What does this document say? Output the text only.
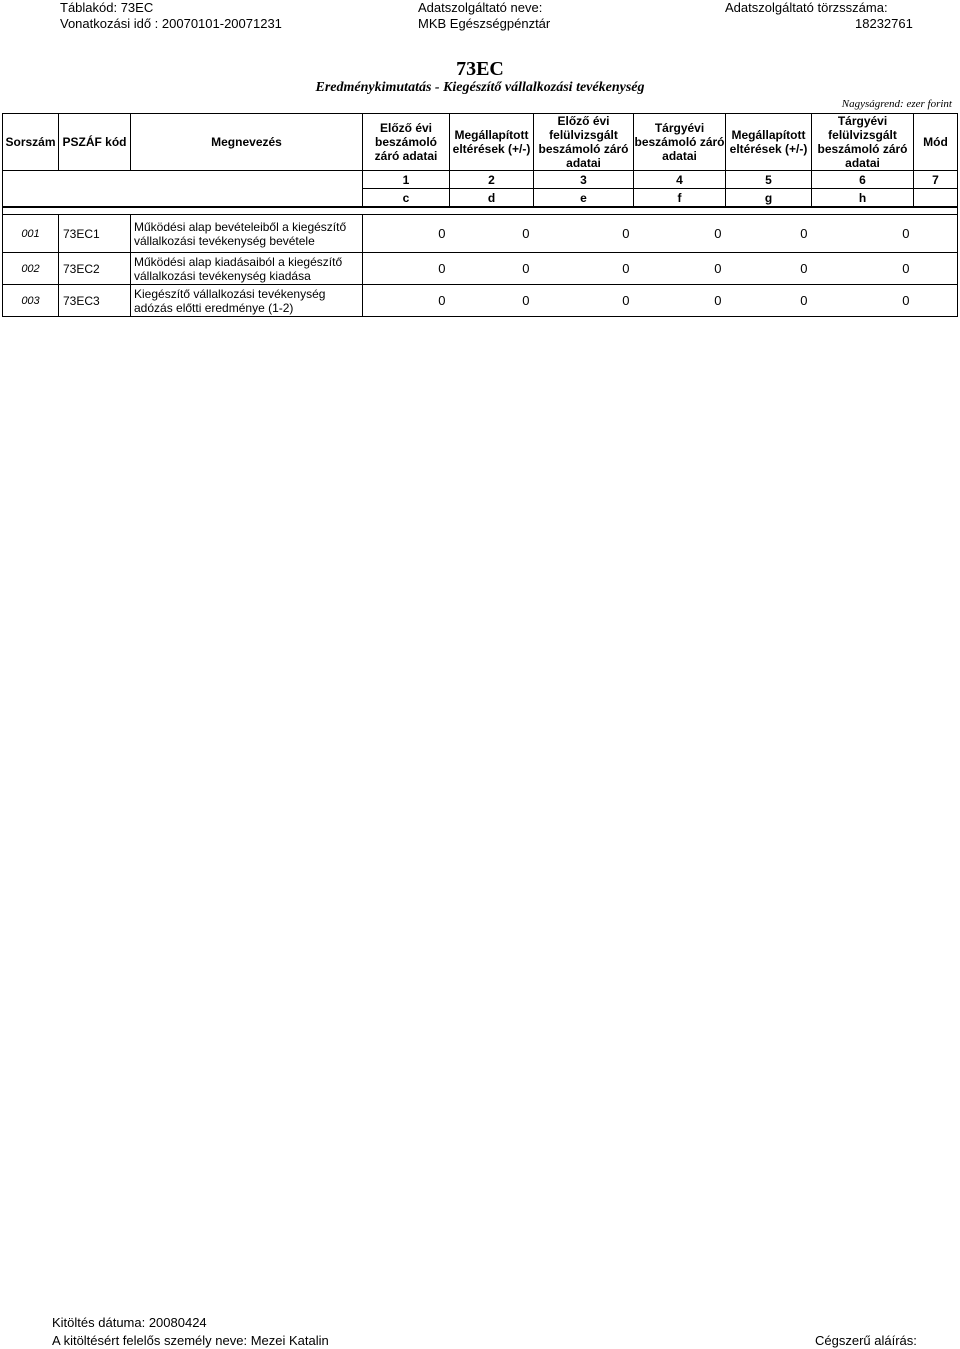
Táblakód: 73EC
Vonatkozási idő : 20070101-20071231
Adatszolgáltató neve:
MKB Egészségpénztár
Adatszolgáltató törzsszáma:
18232761
73EC
Eredménykimutatás - Kiegészítő vállalkozási tevékenység
Nagyságrend: ezer forint
Sorszám	PSZÁF kód	Megnevezés	Előző évi beszámoló záró adatai	Megállapított eltérések (+/-)	Előző évi felülvizsgált beszámoló záró adatai	Tárgyévi beszámoló záró adatai	Megállapított eltérések (+/-)	Tárgyévi felülvizsgált beszámoló záró adatai	Mód
			1	2	3	4	5	6	7
			c	d	e	f	g	h	

001	73EC1	Működési alap bevételeiből a kiegészítő vállalkozási tevékenység bevétele	0	0	0	0	0	0	
002	73EC2	Működési alap kiadásaiból a kiegészítő vállalkozási tevékenység kiadása	0	0	0	0	0	0	
003	73EC3	Kiegészítő vállalkozási tevékenység adózás előtti eredménye (1-2)	0	0	0	0	0	0	
Kitöltés dátuma: 20080424
A kitöltésért felelős személy neve: Mezei Katalin	Cégszerű aláírás:
